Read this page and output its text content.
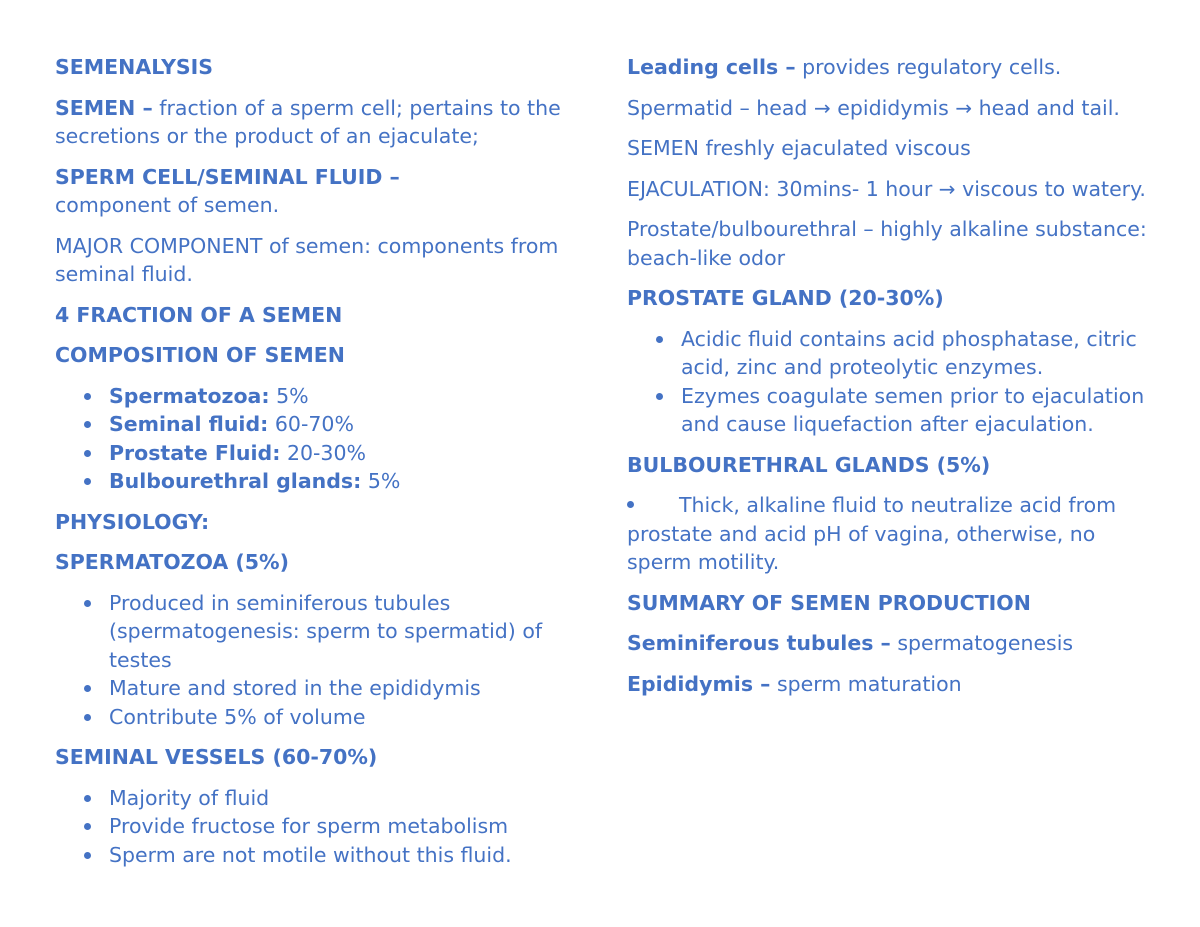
SEMENALYSIS

SEMEN – fraction of a sperm cell; pertains to the secretions or the product of an ejaculate;

SPERM CELL/SEMINAL FLUID –
component of semen.

MAJOR COMPONENT of semen: components from seminal fluid.

4 FRACTION OF A SEMEN

COMPOSITION OF SEMEN

Spermatozoa: 5%
Seminal fluid: 60-70%
Prostate Fluid: 20-30%
Bulbourethral glands: 5%

PHYSIOLOGY:

SPERMATOZOA (5%)

Produced in seminiferous tubules (spermatogenesis: sperm to spermatid) of testes
Mature and stored in the epididymis
Contribute 5% of volume

SEMINAL VESSELS (60-70%)

Majority of fluid
Provide fructose for sperm metabolism
Sperm are not motile without this fluid.

Leading cells – provides regulatory cells.

Spermatid – head → epididymis → head and tail.

SEMEN freshly ejaculated viscous

EJACULATION: 30mins- 1 hour → viscous to watery.

Prostate/bulbourethral – highly alkaline substance: beach-like odor

PROSTATE GLAND (20-30%)

Acidic fluid contains acid phosphatase, citric acid, zinc and proteolytic enzymes.
Ezymes coagulate semen prior to ejaculation and cause liquefaction after ejaculation.

BULBOURETHRAL GLANDS (5%)

Thick, alkaline fluid to neutralize acid from prostate and acid pH of vagina, otherwise, no sperm motility.

SUMMARY OF SEMEN PRODUCTION

Seminiferous tubules – spermatogenesis

Epididymis – sperm maturation
